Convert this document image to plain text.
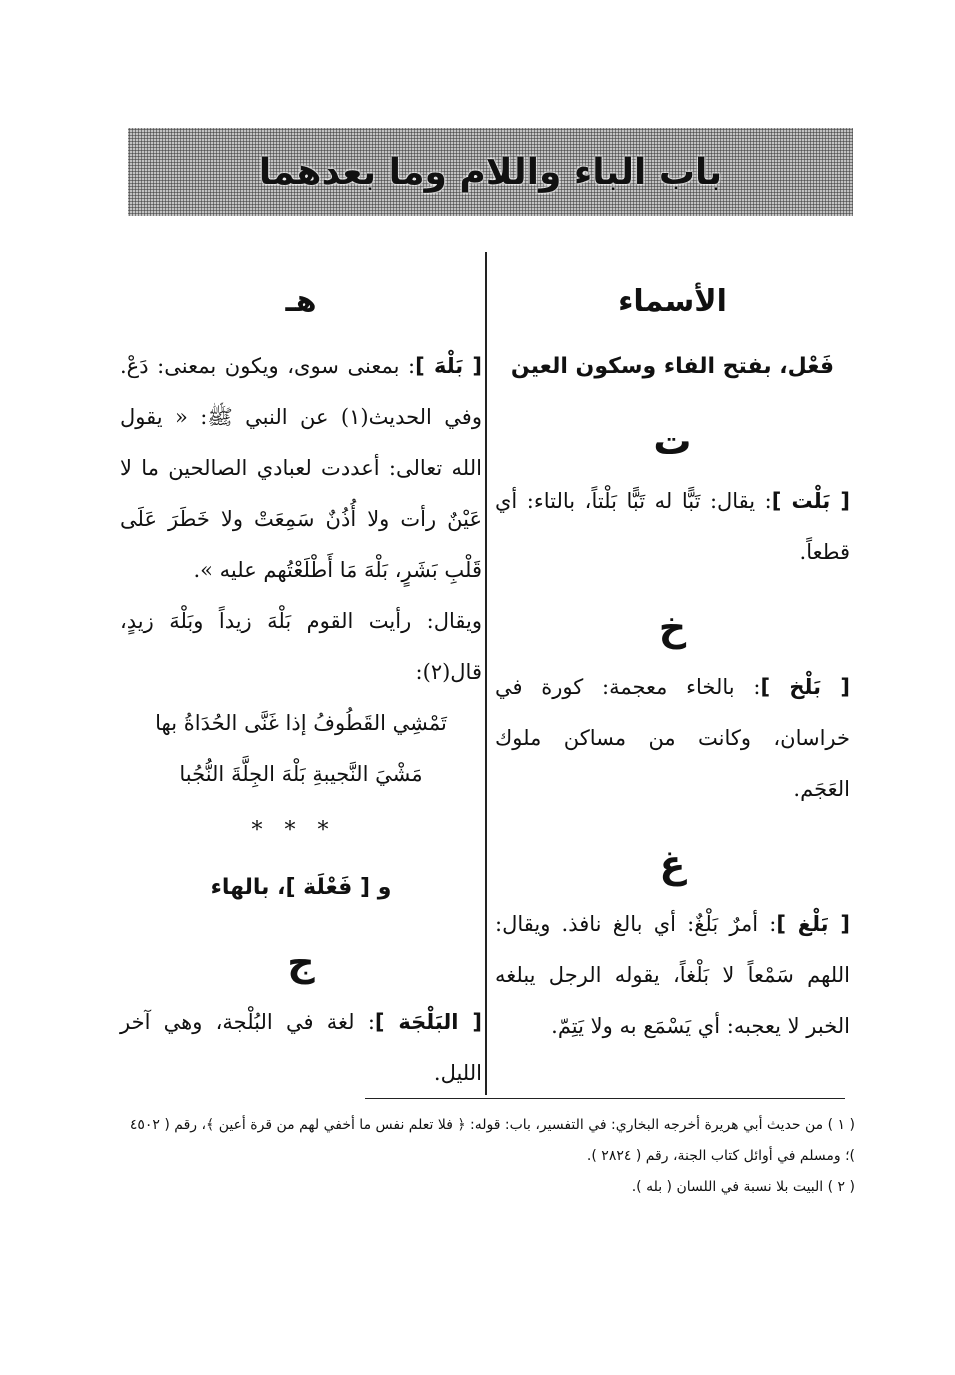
باب الباء واللام وما بعدهما
الأسماء
فَعْل، بفتح الفاء وسكون العين
ت

[ بَلْت ]: يقال: تَبًّا له تَبًّا بَلْتاً، بالتاء: أي قطعاً.

خ

[ بَلْخ ]: بالخاء معجمة: كورة في خراسان، وكانت من مساكن ملوك العَجَم.

غ

[ بَلْغ ]: أمرٌ بَلْغٌ: أي بالغ نافذ. ويقال: اللهم سَمْعاً لا بَلْغاً، يقوله الرجل يبلغه الخبر لا يعجبه: أي يَسْمَع به ولا يَتِمّ.

هـ

[ بَلْهَ ]: بمعنى سوى، ويكون بمعنى: دَعْ. وفي الحديث(١) عن النبي ﷺ: « يقول الله تعالى: أعددت لعبادي الصالحين ما لا عَيْنٌ رأت ولا أُذُنٌ سَمِعَتْ ولا خَطَرَ عَلَى قَلْبِ بَشَرٍ، بَلْهَ مَا أَطْلَعْتُهم عليه ».

ويقال: رأيت القوم بَلْهَ زيداً وبَلْهَ زيدٍ، قال(٢):

تَمْشِي القَطُوفُ إذا غَنَّى الحُدَاةُ بها
مَشْيَ النَّجيبةِ بَلْهَ الجِلَّةَ النُّجُبا
***
و [ فَعْلَة ]، بالهاء
ج

[ البَلْجَة ]: لغة في البُلْجة، وهي آخر الليل.

( ١ ) من حديث أبي هريرة أخرجه البخاري: في التفسير، باب: قوله: ﴿ فلا تعلم نفس ما أخفي لهم من قرة أعين ﴾، رقم ( ٤٥٠٢ )؛ ومسلم في أوائل كتاب الجنة، رقم ( ٢٨٢٤ ).

( ٢ ) البيت بلا نسبة في اللسان ( بله ).
